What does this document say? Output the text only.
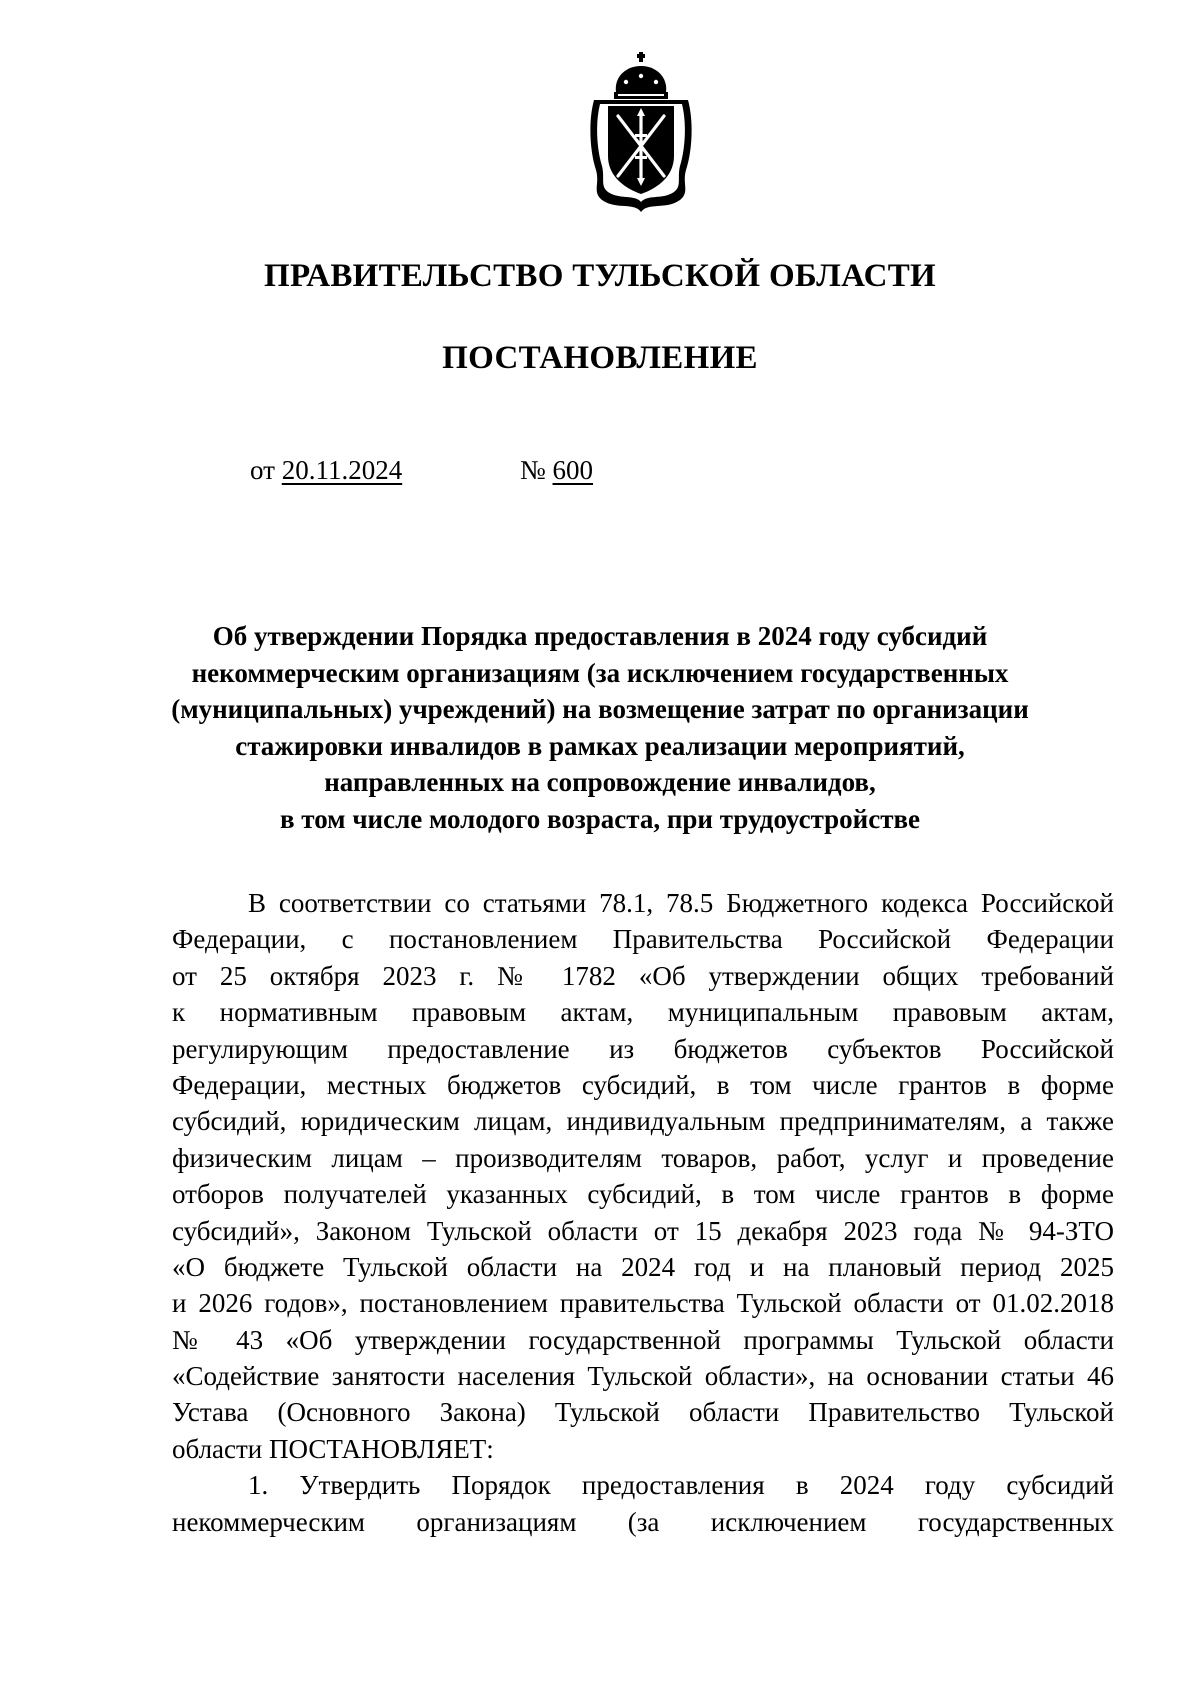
ПРАВИТЕЛЬСТВО ТУЛЬСКОЙ ОБЛАСТИ
ПОСТАНОВЛЕНИЕ
от 20.11.2024	№ 600
Об утверждении Порядка предоставления в 2024 году субсидий
некоммерческим организациям (за исключением государственных
(муниципальных) учреждений) на возмещение затрат по организации
стажировки инвалидов в рамках реализации мероприятий,
направленных на сопровождение инвалидов,
в том числе молодого возраста, при трудоустройстве
В соответствии со статьями 78.1, 78.5 Бюджетного кодекса Российской
Федерации, с постановлением Правительства Российской Федерации
от 25 октября 2023 г. № 1782 «Об утверждении общих требований
к нормативным правовым актам, муниципальным правовым актам,
регулирующим предоставление из бюджетов субъектов Российской
Федерации, местных бюджетов субсидий, в том числе грантов в форме
субсидий, юридическим лицам, индивидуальным предпринимателям, а также
физическим лицам – производителям товаров, работ, услуг и проведение
отборов получателей указанных субсидий, в том числе грантов в форме
субсидий», Законом Тульской области от 15 декабря 2023 года № 94-ЗТО
«О бюджете Тульской области на 2024 год и на плановый период 2025
и 2026 годов», постановлением правительства Тульской области от 01.02.2018
№ 43 «Об утверждении государственной программы Тульской области
«Содействие занятости населения Тульской области», на основании статьи 46
Устава (Основного Закона) Тульской области Правительство Тульской
области ПОСТАНОВЛЯЕТ:
1. Утвердить Порядок предоставления в 2024 году субсидий
некоммерческим организациям (за исключением государственных
